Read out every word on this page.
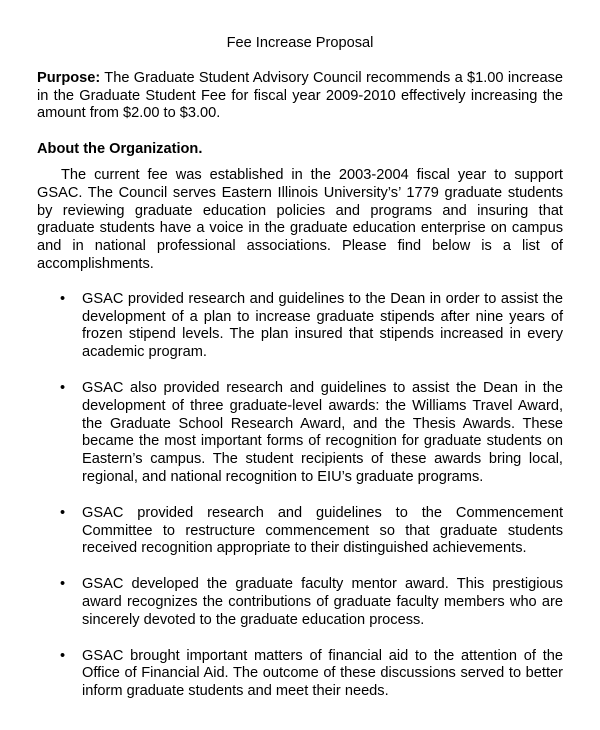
Fee Increase Proposal

Purpose: The Graduate Student Advisory Council recommends a $1.00 increase in the Graduate Student Fee for fiscal year 2009-2010 effectively increasing the amount from $2.00 to $3.00.

About the Organization.

The current fee was established in the 2003-2004 fiscal year to support GSAC. The Council serves Eastern Illinois University’s’ 1779 graduate students by reviewing graduate education policies and programs and insuring that graduate students have a voice in the graduate education enterprise on campus and in national professional associations. Please find below is a list of accomplishments.

• GSAC provided research and guidelines to the Dean in order to assist the development of a plan to increase graduate stipends after nine years of frozen stipend levels. The plan insured that stipends increased in every academic program.
• GSAC also provided research and guidelines to assist the Dean in the development of three graduate-level awards: the Williams Travel Award, the Graduate School Research Award, and the Thesis Awards. These became the most important forms of recognition for graduate students on Eastern’s campus. The student recipients of these awards bring local, regional, and national recognition to EIU’s graduate programs.
• GSAC provided research and guidelines to the Commencement Committee to restructure commencement so that graduate students received recognition appropriate to their distinguished achievements.
• GSAC developed the graduate faculty mentor award. This prestigious award recognizes the contributions of graduate faculty members who are sincerely devoted to the graduate education process.
• GSAC brought important matters of financial aid to the attention of the Office of Financial Aid. The outcome of these discussions served to better inform graduate students and meet their needs.
